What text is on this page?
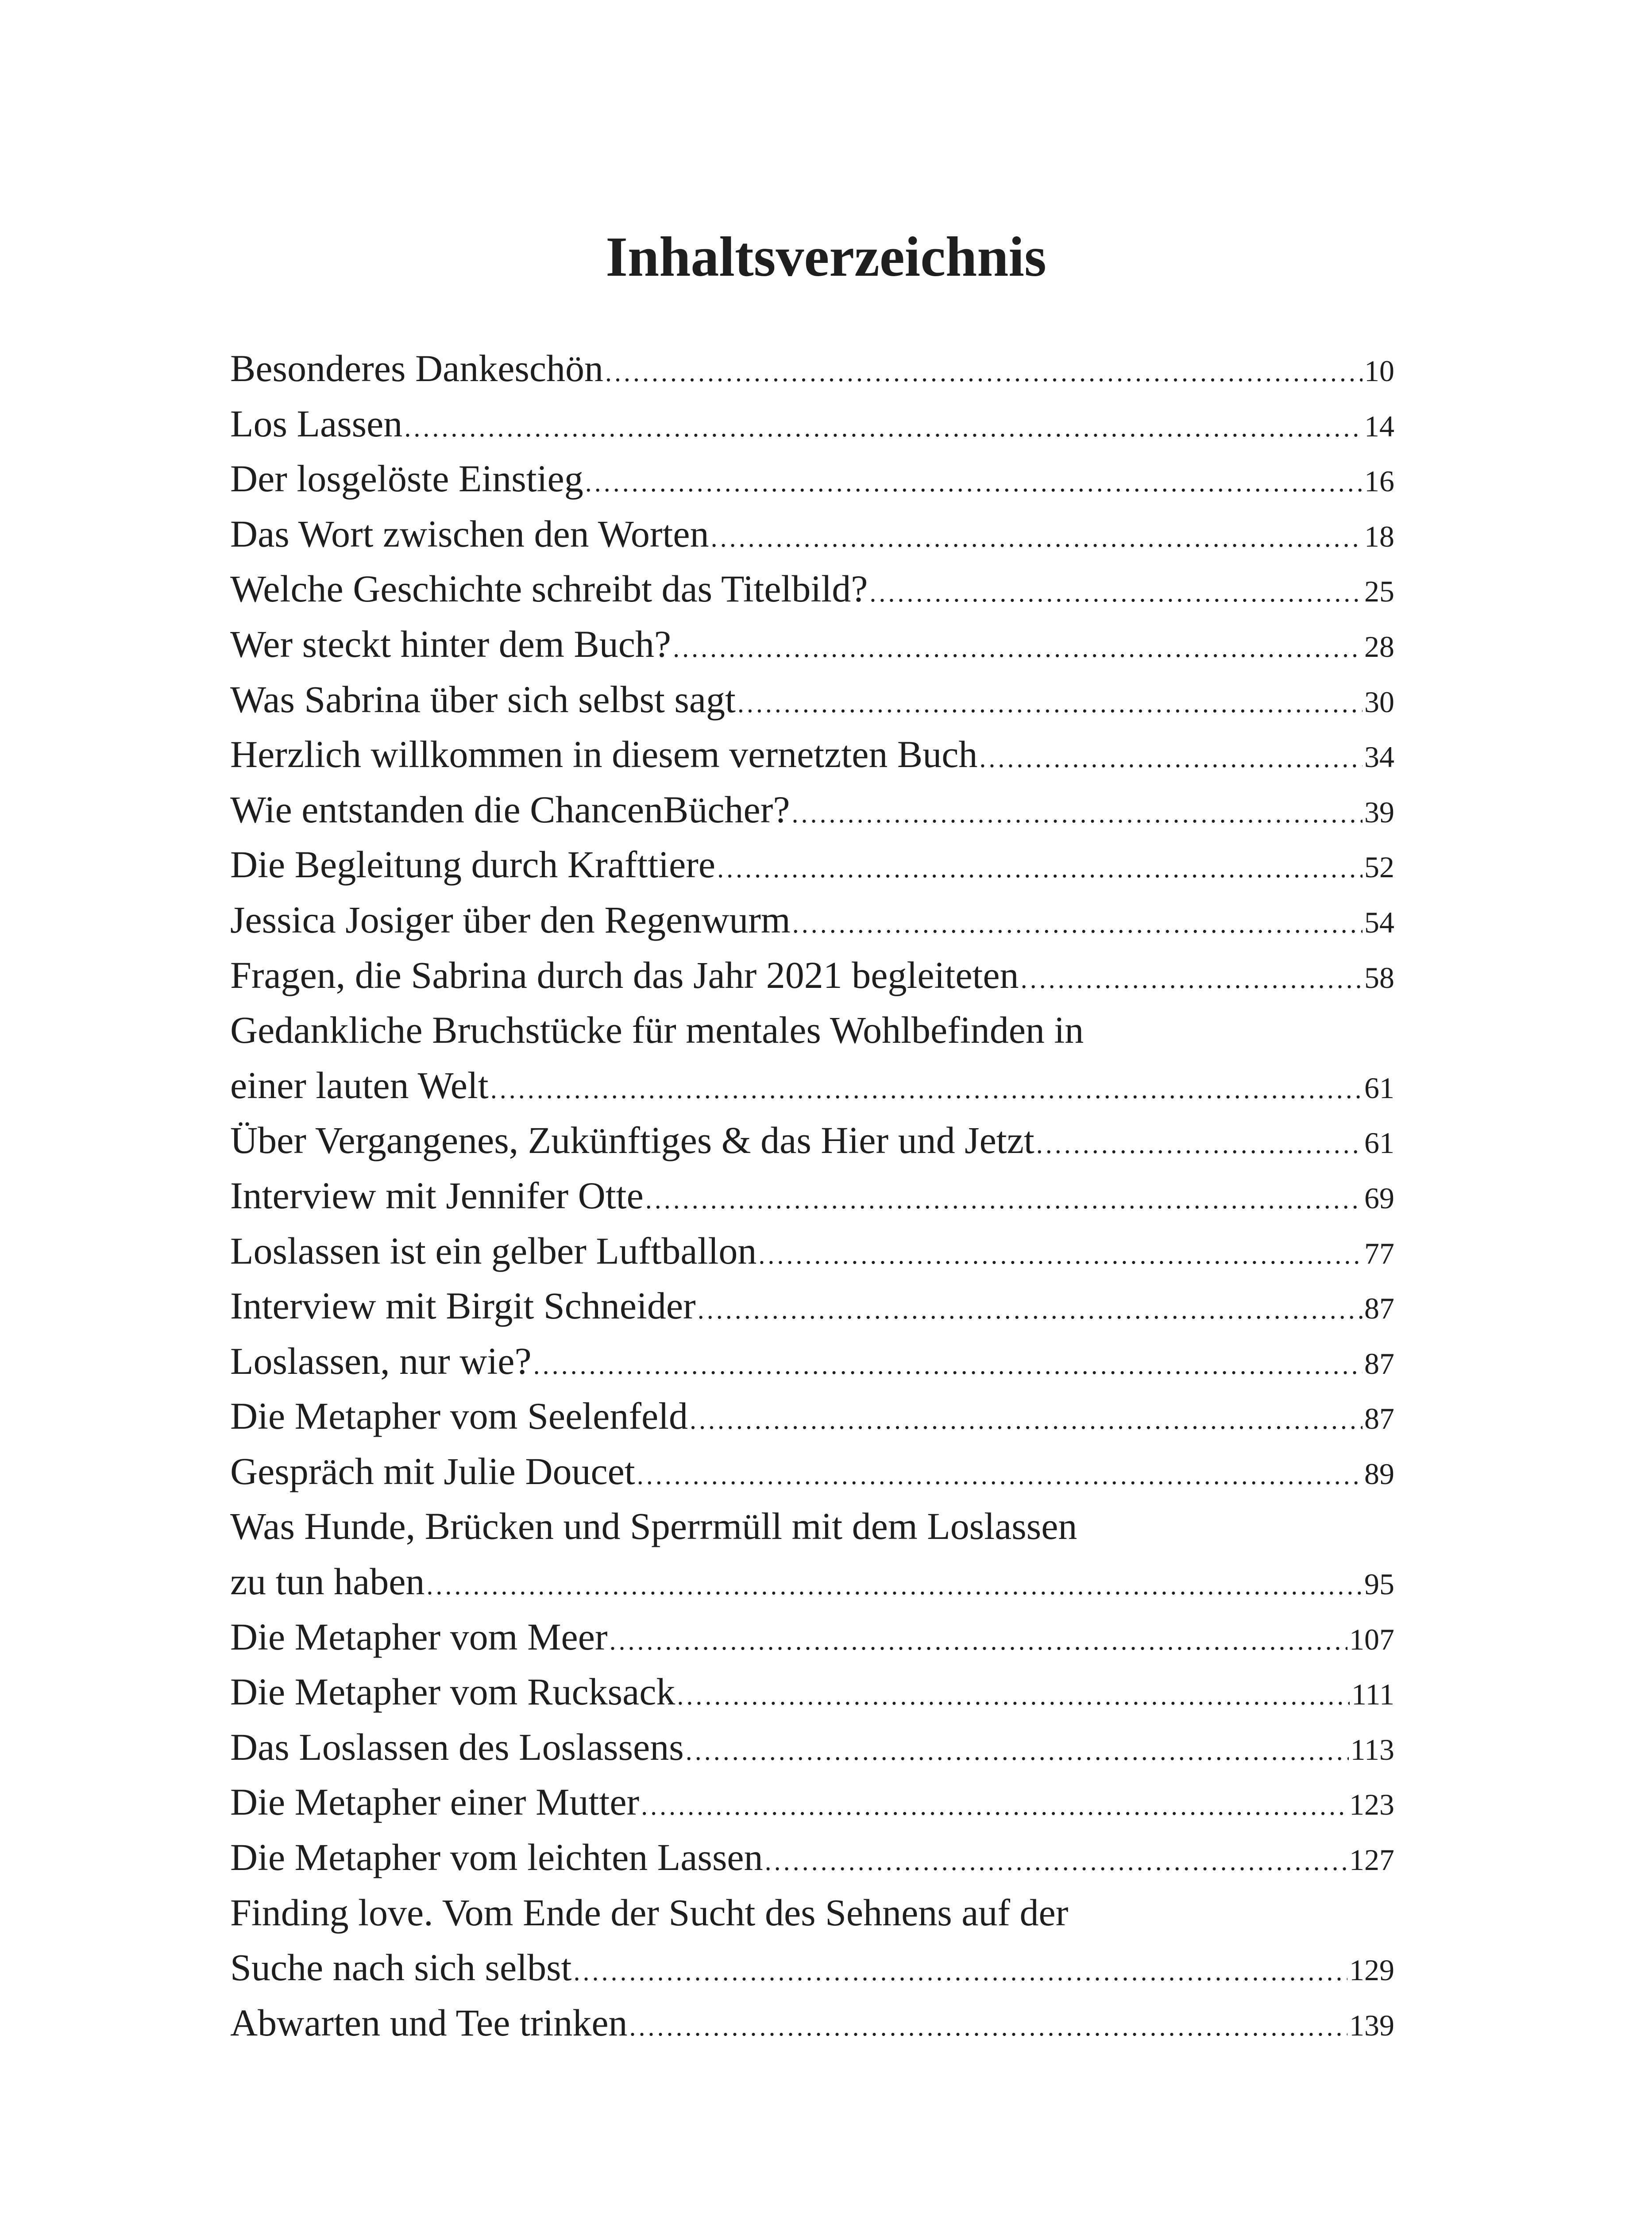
Inhaltsverzeichnis
Besonderes Dankeschön .....	10
Los Lassen .....	14
Der losgelöste Einstieg .....	16
Das Wort zwischen den Worten .....	18
Welche Geschichte schreibt das Titelbild? .....	25
Wer steckt hinter dem Buch? .....	28
Was Sabrina über sich selbst sagt .....	30
Herzlich willkommen in diesem vernetzten Buch .....	34
Wie entstanden die ChancenBücher? .....	39
Die Begleitung durch Krafttiere .....	52
Jessica Josiger über den Regenwurm .....	54
Fragen, die Sabrina durch das Jahr 2021 begleiteten .....	58
Gedankliche Bruchstücke für mentales Wohlbefinden in
einer lauten Welt .....	61
Über Vergangenes, Zukünftiges & das Hier und Jetzt .....	61
Interview mit Jennifer Otte .....	69
Loslassen ist ein gelber Luftballon .....	77
Interview mit Birgit Schneider .....	87
Loslassen, nur wie? .....	87
Die Metapher vom Seelenfeld .....	87
Gespräch mit Julie Doucet .....	89
Was Hunde, Brücken und Sperrmüll mit dem Loslassen
zu tun haben .....	95
Die Metapher vom Meer .....	107
Die Metapher vom Rucksack .....	111
Das Loslassen des Loslassens .....	113
Die Metapher einer Mutter .....	123
Die Metapher vom leichten Lassen .....	127
Finding love. Vom Ende der Sucht des Sehnens auf der
Suche nach sich selbst .....	129
Abwarten und Tee trinken .....	139
